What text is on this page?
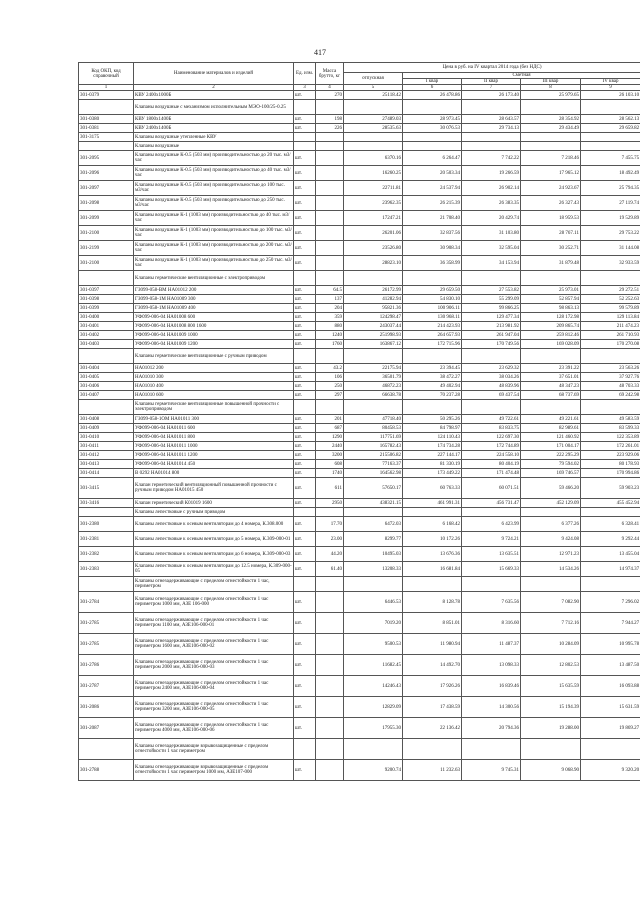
417
Код ОКП, код справочный	Наименование материалов и изделий	Ед. изм.	Масса брутто, кг	Цена в руб. на IV квартал 2014 года (без НДС)				
				отпускная	Сметная			
					I квар	II квар	III квар	IV квар
1	2	3	4	5	6	7	8	9
301-0379	КВУ 2400х1000Б	шт.	270	25118.42	26 478.86	26 173.40	25 979.65	26 103.10
	Клапаны воздушные с механизмом исполнительным МЭО-100/25-0.25							
301-0380	КВУ 1800х1400Б	шт.	198	27489.03	28 973.45	28 643.57	28 354.92	28 562.13
301-0381	КВУ 2400х1400Б	шт.	226	28535.63	30 076.53	29 734.13	29 434.49	29 659.82
301-3175	Клапаны воздушные утепленные КВУ							
	Клапаны воздушные							
301-2095	Клапаны воздушные К-0.5 (503 мм) производительностью до 20 тыс. м3/час	шт.		6370.16	6 264.47	7 742.22	7 218.46	7 455.75
301-2096	Клапаны воздушные К-0.5 (503 мм) производительностью до 40 тыс. м3/час	шт.		16260.25	20 503.34	19 266.59	17 965.12	18 492.49
301-2097	Клапаны воздушные К-0.5 (503 мм) производительностью до 100 тыс. м3/час	шт.		22711.81	24 537.94	26 902.14	24 923.67	25 794.35
301-2098	Клапаны воздушные К-0.5 (503 мм) производительностью до 250 тыс. м3/час	шт.		23962.35	26 215.39	26 383.35	26 327.43	27 119.74
301-2099	Клапаны воздушные К-1 (1003 мм) производительностью до 40 тыс. м3/час	шт.		17247.21	21 708.40	20 429.74	18 959.53	19 529.89
301-2100	Клапаны воздушные К-1 (1003 мм) производительностью до 100 тыс. м3/час	шт.		26201.06	32 837.56	31 103.80	28 767.11	29 753.22
301-2199	Клапаны воздушные К-1 (1003 мм) производительностью до 200 тыс. м3/час	шт.		23526.80	30 908.34	32 595.04	30 252.71	31 144.08
301-2100	Клапаны воздушные К-1 (1003 мм) производительностью до 250 тыс. м3/час	шт.		28823.10	36 358.99	34 153.94	31 879.48	32 933.59
	Клапаны герметические вентиляционные с электроприводом							
301-0397	ГЗ099-058-ВМ НА01012 200	шт.	64.5	26172.99	29 659.50	27 553.82	25 973.01	29 272.51
301-0398	ГЗ099-058-1М НА01009 300	шт.	137	41282.94	54 830.10	55 299.09	52 857.94	52 252.63
301-0399	ГЗ099-058-1М НА01009 400	шт.	204	95821.36	100 906.11	99 866.25	98 863.13	99 579.89
301-0400	УФ099-006-04 НА01008 600	шт.	359	124298.47	130 968.11	129 477.34	128 172.98	129 113.84
301-0401	УФ099-006-04 НА01008 800 1600	шт.	880	243037.44	214 423.93	213 981.92	209 865.74	211 474.23
301-0402	УФ099-006-04 НА01009 1000	шт.	1240	251998.93	264 657.93	261 947.04	259 812.46	261 710.93
301-0403	УФ099-006-04 НА01009 1200	шт.	1760	163867.12	172 715.96	170 749.56	169 028.09	170 270.08
	Клапаны герметические вентиляционные с ручным приводом							
301-0404	НА01012 200	шт.	43.2	22175.94	23 394.45	23 629.32	23 391.22	23 563.26
301-0405	НА01010 300	шт.	106	36501.79	38 472.27	38 034.26	37 651.01	37 927.76
301-0406	НА01010 400	шт.	250	46872.23	49 402.94	48 839.96	48 347.23	48 703.33
301-0407	НА01010 600	шт.	297	66638.78	70 237.28	69 437.54	68 737.69	69 242.98
	Клапаны герметические вентиляционные повышенной прочности с электроприводом							
301-0408	ГЗ099-058-1ОМ НА01011 300	шт.	201	47718.40	50 295.26	49 722.61	49 221.61	49 583.59
301-0409	УФ099-006-04 НА01011 600	шт.	687	80458.53	84 798.97	83 833.75	82 989.61	83 599.33
301-0410	УФ099-006-04 НА01011 800	шт.	1290	117751.69	124 110.43	122 697.30	121 460.92	122 353.89
301-0411	УФ099-006-04 НА01011 1000	шт.	2440	165782.43	174 734.28	172 744.89	171 004.17	172 261.01
301-0412	УФ099-006-04 НА01011 1200	шт.	3200	215506.82	227 144.17	224 558.10	222 295.29	223 929.06
301-0413	УФ099-006-04 НА01014 450	шт.	608	77163.37	81 330.19	80 404.19	79 594.02	80 178.93
301-0414	В 0292 НА01014 800	шт.	1740	164562.98	173 449.22	171 474.48	169 746.57	170 994.86
301-3415	Клапан герметический вентиляционный повышенной прочности с ручным приводом НА01015 450	шт.	611	57650.17	60 763.33	60 071.51	59 466.20	59 903.23
301-3416	Клапан герметический К01019 1600	шт.	2950	438321.15	461 991.31	456 731.47	452 129.09	455 452.94
	Клапаны лепестковые с ручным приводом							
301-2380	Клапаны лепестковые к осевым вентиляторам до 4 номера, К.308.000	шт.	17.70	6472.03	6 168.42	6 423.99	6 377.26	6 328.41
301-2381	Клапаны лепестковые к осевым вентиляторам до 5 номера, К.309-000-01	шт.	23.00	8299.77	10 172.26	9 724.21	9 424.08	9 292.44
301-2382	Клапаны лепестковые к осевым вентиляторам до 6 номера, К.309-000-03	шт.	44.20	10495.03	13 676.36	13 635.51	12 971.23	13 455.04
301-2383	Клапаны лепестковые к осевым вентиляторам до 12.5 номера, К.309-000-05	шт.	61.40	13208.33	16 681.84	15 669.33	14 534.26	14 974.37
	Клапаны огнезадерживающие с пределом огнестойкости 1 час, периметром							
301-2784	Клапаны огнезадерживающие с пределом огнестойкости 1 час периметром 1000 мм, АЗЕ 106-000	шт.		6446.53	8 128.78	7 635.56	7 082.90	7 296.02
301-2785	Клапаны огнезадерживающие с пределом огнестойкости 1 час периметром 1100 мм, АЗЕ106-000-01	шт.		7019.20	8 851.01	8 316.60	7 712.16	7 944.27
301-2785	Клапаны огнезадерживающие с пределом огнестойкости 1 час периметром 1600 мм, АЗЕ106-000-02	шт.		9500.53	11 980.94	11 487.37	10 284.09	10 995.78
301-2786	Клапаны огнезадерживающие с пределом огнестойкости 1 час периметром 2000 мм, АЗЕ106-000-03	шт.		11682.45	14 492.70	13 098.33	12 802.53	13 487.50
301-2787	Клапаны огнезадерживающие с пределом огнестойкости 1 час периметром 2400 мм, АЗЕ106-000-04	шт.		14246.43	17 926.26	16 839.46	15 635.59	16 093.88
301-2086	Клапаны огнезадерживающие с пределом огнестойкости 1 час периметром 3200 мм, АЗЕ106-000-05	шт.		12829.09	17 438.59	14 300.56	15 194.39	15 631.59
301-2087	Клапаны огнезадерживающие с пределом огнестойкости 1 час периметром 4000 мм, АЗЕ106-000-06	шт.		17955.30	22 136.42	20 794.36	19 288.00	19 869.27
	Клапаны огнезадерживающие взрывозащищенные с пределом огнестойкости 1 час периметром							
301-2788	Клапаны огнезадерживающие взрывозащищенные с пределом огнестойкости 1 час периметром 1000 мм, АЗЕ107-000	шт.		9200.74	11 232.63	9 745.31	9 068.90	9 320.20
